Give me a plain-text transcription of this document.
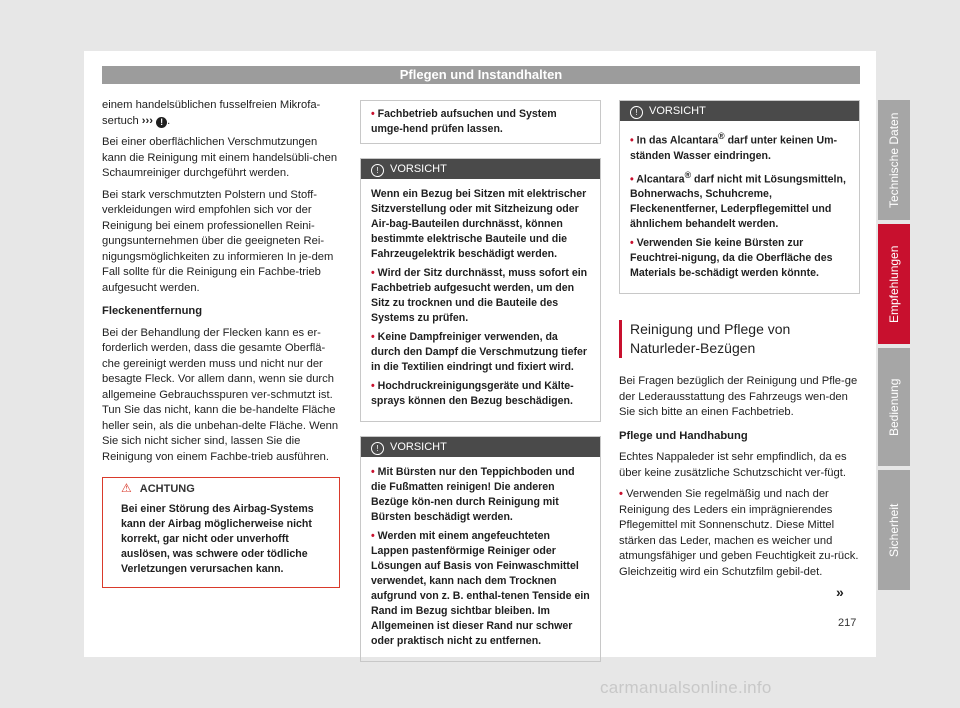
Pflegen und Instandhalten

einem handelsüblichen fusselfreien Mikrofa-sertuch ››› ! .

Bei einer oberflächlichen Verschmutzungen kann die Reinigung mit einem handelsübli-chen Schaumreiniger durchgeführt werden.

Bei stark verschmutzten Polstern und Stoff-verkleidungen wird empfohlen sich vor der Reinigung bei einem professionellen Reini-gungsunternehmen über die geeigneten Rei-nigungsmöglichkeiten zu informieren In je-dem Fall sollte für die Reinigung ein Fachbe-trieb aufgesucht werden.

Fleckenentfernung

Bei der Behandlung der Flecken kann es er-forderlich werden, dass die gesamte Oberflä-che gereinigt werden muss und nicht nur der besagte Fleck. Vor allem dann, wenn sie durch allgemeine Gebrauchsspuren ver-schmutzt ist. Tun Sie das nicht, kann die be-handelte Fläche heller sein, als die unbehan-delte Fläche. Wenn Sie sich nicht sicher sind, lassen Sie die Reinigung von einem Fachbe-trieb ausführen.

⚠ ACHTUNG
Bei einer Störung des Airbag-Systems kann der Airbag möglicherweise nicht korrekt, gar nicht oder unverhofft auslösen, was schwere oder tödliche Verletzungen verursachen kann.
• Fachbetrieb aufsuchen und System umge-hend prüfen lassen.
! VORSICHT

Wenn ein Bezug bei Sitzen mit elektrischer Sitzverstellung oder mit Sitzheizung oder Air-bag-Bauteilen durchnässt, können bestimmte elektrische Bauteile und die Fahrzeugelektrik beschädigt werden.

• Wird der Sitz durchnässt, muss sofort ein Fachbetrieb aufgesucht werden, um den Sitz zu trocknen und die Bauteile des Systems zu prüfen.

• Keine Dampfreiniger verwenden, da durch den Dampf die Verschmutzung tiefer in die Textilien eindringt und fixiert wird.

• Hochdruckreinigungsgeräte und Kälte-sprays können den Bezug beschädigen.

! VORSICHT

• Mit Bürsten nur den Teppichboden und die Fußmatten reinigen! Die anderen Bezüge kön-nen durch Reinigung mit Bürsten beschädigt werden.

• Werden mit einem angefeuchteten Lappen pastenförmige Reiniger oder Lösungen auf Basis von Feinwaschmittel verwendet, kann nach dem Trocknen aufgrund von z. B. enthal-tenen Tenside ein Rand im Bezug sichtbar bleiben. Im Allgemeinen ist dieser Rand nur schwer oder praktisch nicht zu entfernen.

! VORSICHT

• In das Alcantara® darf unter keinen Um-ständen Wasser eindringen.

• Alcantara® darf nicht mit Lösungsmitteln, Bohnerwachs, Schuhcreme, Fleckenentferner, Lederpflegemittel und ähnlichem behandelt werden.

• Verwenden Sie keine Bürsten zur Feuchtrei-nigung, da die Oberfläche des Materials be-schädigt werden könnte.

Reinigung und Pflege von Naturleder-Bezügen

Bei Fragen bezüglich der Reinigung und Pfle-ge der Lederausstattung des Fahrzeugs wen-den Sie sich bitte an einen Fachbetrieb.

Pflege und Handhabung

Echtes Nappaleder ist sehr empfindlich, da es über keine zusätzliche Schutzschicht ver-fügt.

• Verwenden Sie regelmäßig und nach der Reinigung des Leders ein imprägnierendes Pflegemittel mit Sonnenschutz. Diese Mittel stärken das Leder, machen es weicher und atmungsfähiger und geben Feuchtigkeit zu-rück. Gleichzeitig wird ein Schutzfilm gebil-det.

»
217
Technische Daten
Empfehlungen
Bedienung
Sicherheit
carmanualsonline.info
